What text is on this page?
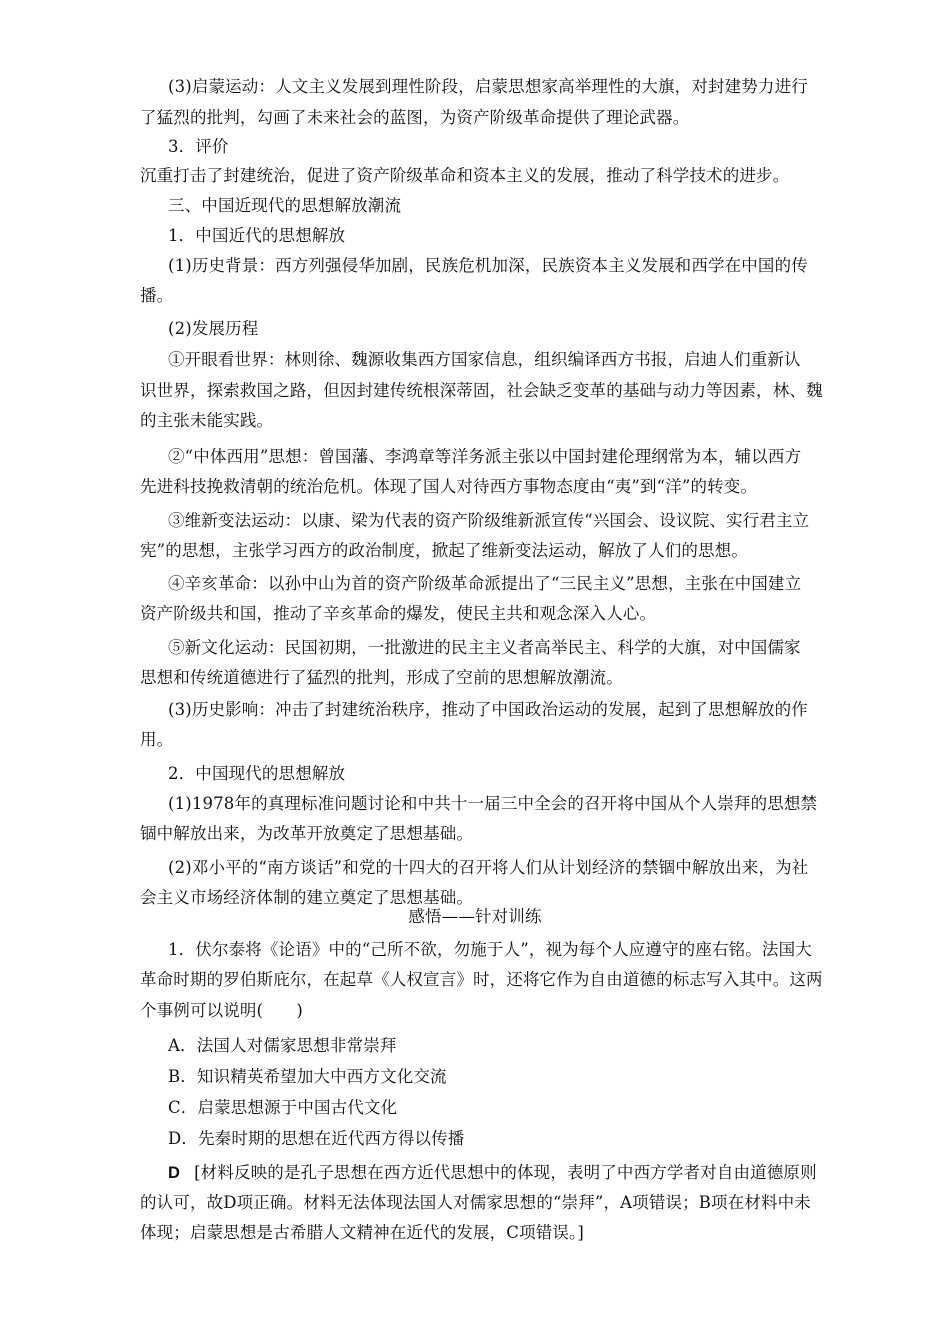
(3)启蒙运动：人文主义发展到理性阶段，启蒙思想家高举理性的大旗，对封建势力进行
了猛烈的批判，勾画了未来社会的蓝图，为资产阶级革命提供了理论武器。
3．评价
沉重打击了封建统治，促进了资产阶级革命和资本主义的发展，推动了科学技术的进步。
三、中国近现代的思想解放潮流
1．中国近代的思想解放
(1)历史背景：西方列强侵华加剧，民族危机加深，民族资本主义发展和西学在中国的传
播。
(2)发展历程
①开眼看世界：林则徐、魏源收集西方国家信息，组织编译西方书报，启迪人们重新认
识世界，探索救国之路，但因封建传统根深蒂固，社会缺乏变革的基础与动力等因素，林、魏
的主张未能实践。
②“中体西用”思想：曾国藩、李鸿章等洋务派主张以中国封建伦理纲常为本，辅以西方
先进科技挽救清朝的统治危机。体现了国人对待西方事物态度由“夷”到“洋”的转变。
③维新变法运动：以康、梁为代表的资产阶级维新派宣传“兴国会、设议院、实行君主立
宪”的思想，主张学习西方的政治制度，掀起了维新变法运动，解放了人们的思想。
④辛亥革命：以孙中山为首的资产阶级革命派提出了“三民主义”思想，主张在中国建立
资产阶级共和国，推动了辛亥革命的爆发，使民主共和观念深入人心。
⑤新文化运动：民国初期，一批激进的民主主义者高举民主、科学的大旗，对中国儒家
思想和传统道德进行了猛烈的批判，形成了空前的思想解放潮流。
(3)历史影响：冲击了封建统治秩序，推动了中国政治运动的发展，起到了思想解放的作
用。
2．中国现代的思想解放
(1)1978年的真理标准问题讨论和中共十一届三中全会的召开将中国从个人崇拜的思想禁
锢中解放出来，为改革开放奠定了思想基础。
(2)邓小平的“南方谈话”和党的十四大的召开将人们从计划经济的禁锢中解放出来，为社
会主义市场经济体制的建立奠定了思想基础。
感悟——针对训练
1．伏尔泰将《论语》中的“己所不欲，勿施于人”，视为每个人应遵守的座右铭。法国大
革命时期的罗伯斯庇尔，在起草《人权宣言》时，还将它作为自由道德的标志写入其中。这两
个事例可以说明(　　)
A．法国人对儒家思想非常崇拜
B．知识精英希望加大中西方文化交流
C．启蒙思想源于中国古代文化
D．先秦时期的思想在近代西方得以传播
D [材料反映的是孔子思想在西方近代思想中的体现，表明了中西方学者对自由道德原则
的认可，故D项正确。材料无法体现法国人对儒家思想的“崇拜”，A项错误；B项在材料中未
体现；启蒙思想是古希腊人文精神在近代的发展，C项错误。]
